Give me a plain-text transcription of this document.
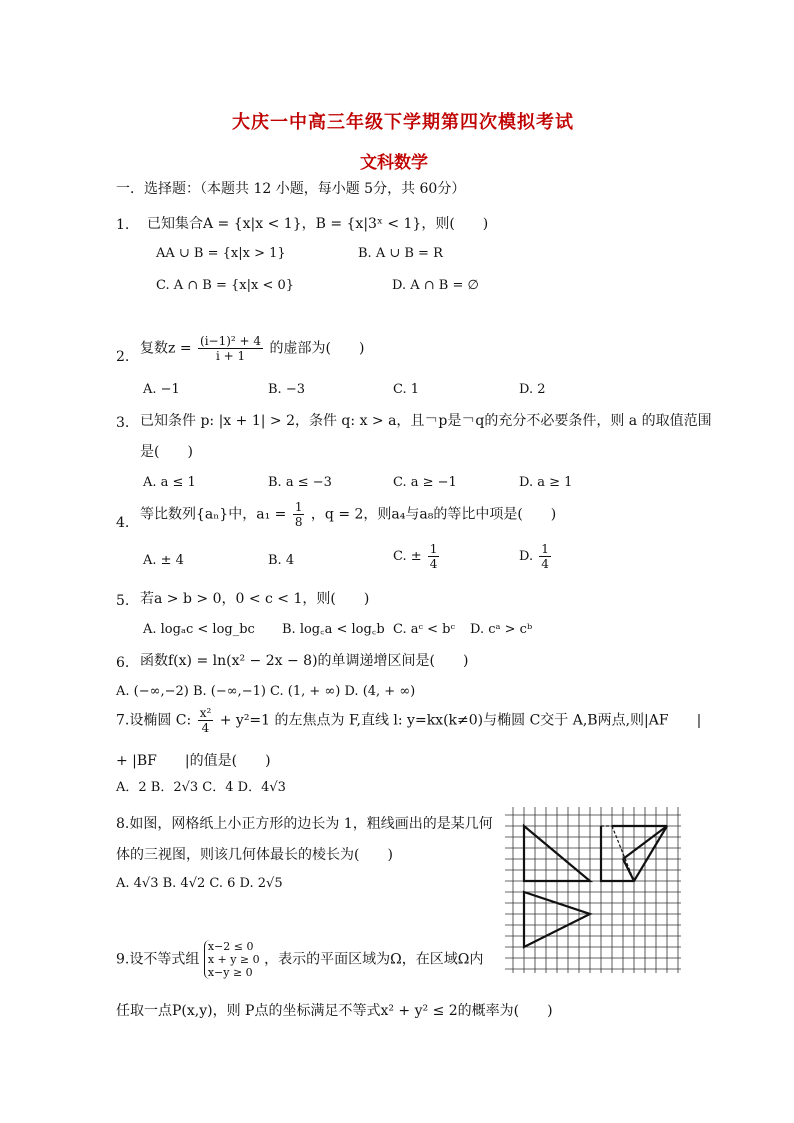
大庆一中高三年级下学期第四次模拟考试
文科数学
一．选择题：（本题共 12 小题，每小题 5分，共 60分）
1. 已知集合A = {x|x < 1}，B = {x|3ˣ < 1}，则(　　)
AA ∪ B = {x|x > 1}	B. A ∪ B = R
C. A ∩ B = {x|x < 0}	D. A ∩ B = ∅
2.
复数$z = \frac{\text{(i−1)² + 4}}{i + 1}$ 的虚部为(　　)
A. −1	B. −3	C. 1	D. 2
3. 已知条件 p: |x + 1| > 2，条件 q: x > a，且￢p是￢q的充分不必要条件，则 a 的取值范围
是(　　)
A. a ≤ 1	B. a ≤ −3	C. a ≥ −1	D. a ≥ 1
4.
等比数列{aₙ}中，$a_1 = \frac{1}{8}$ ，q = 2，则a₄与a₈的等比中项是(　　)
A. ± 4	B. 4	C. ± $\frac{1}{4}$	D. $\frac{1}{4}$
5. 若a > b > 0，0 < c < 1，则(　　)
A. logₐc < log_bc B. log꜀a < log꜀b C. aᶜ < bᶜ D. cᵃ > cᵇ
6. 函数f(x) = ln(x² − 2x − 8)的单调递增区间是(　　)
A. (−∞,−2) B. (−∞,−1) C. (1, + ∞) D. (4, + ∞)
7.设椭圆 C: $\frac{\text{x²}}{4} + y^2=1$ 的左焦点为 F,直线 l: y=kx(k≠0)与椭圆 C交于 A,B两点,则|AF　　|
+ |BF　　|的值是(　　)
A．2 B．2√3 C．4 D．4√3
8.如图，网格纸上小正方形的边长为 1，粗线画出的是某几何
体的三视图，则该几何体最长的棱长为(　　)
A. 4√3 B. 4√2 C. 6 D. 2√5
9.设不等式组
x−2 ≤ 0
x + y ≥ 0
x−y ≥ 0
，表示的平面区域为Ω，在区域Ω内
任取一点P(x,y)，则 P点的坐标满足不等式x² + y² ≤ 2的概率为(　　)
